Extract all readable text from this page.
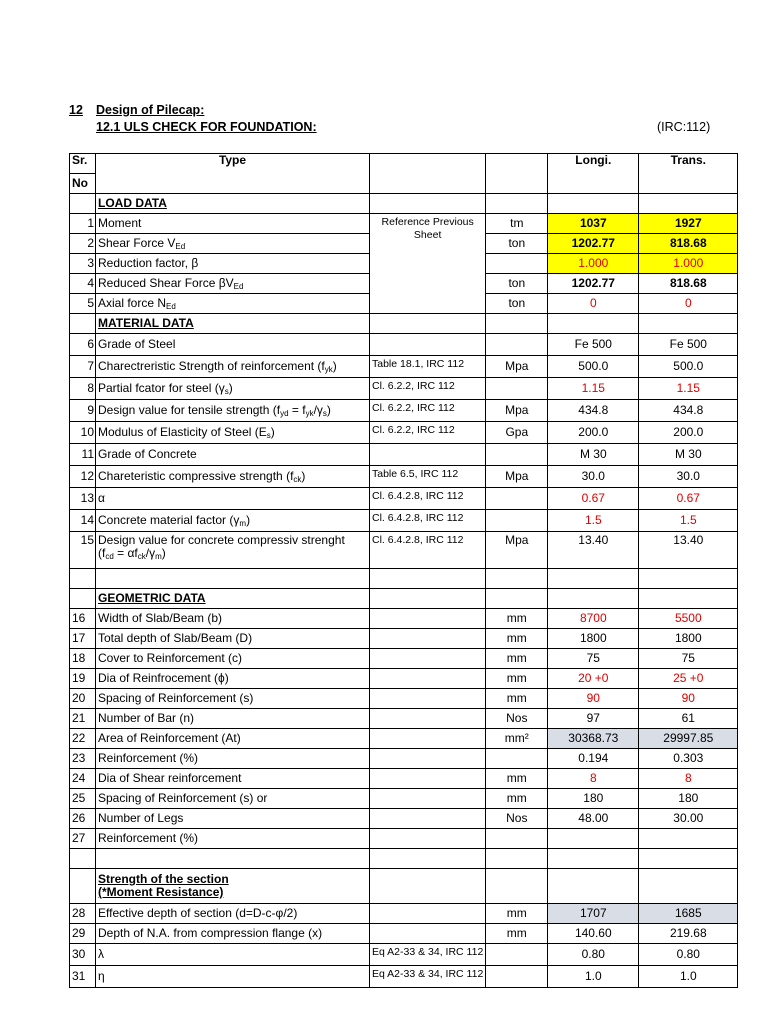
12 Design of Pilecap:
12.1 ULS CHECK FOR FOUNDATION:	(IRC:112)
Sr.	Type			Longi.	Trans.
No					
	LOAD DATA				
1	Moment	Reference Previous Sheet	tm	1037	1927
2	Shear Force $V_{Ed}$		ton	1202.77	818.68
3	Reduction factor, β			1.000	1.000
4	Reduced Shear Force $\beta V_{Ed}$		ton	1202.77	818.68
5	Axial force $N_{Ed}$		ton	0	0
	MATERIAL DATA				
6	Grade of Steel			Fe 500	Fe 500
7	Charectreristic Strength of reinforcement $(f_{yk})$	Table 18.1, IRC 112	Mpa	500.0	500.0
8	Partial fcator for steel $(\gamma_s)$	Cl. 6.2.2, IRC 112		1.15	1.15
9	Design value for tensile strength $(f_{yd} = f_{yk}/\gamma_s)$	Cl. 6.2.2, IRC 112	Mpa	434.8	434.8
10	Modulus of Elasticity of Steel $(E_s)$	Cl. 6.2.2, IRC 112	Gpa	200.0	200.0
11	Grade of Concrete			M 30	M 30
12	Chareteristic compressive strength $(f_{ck})$	Table 6.5, IRC 112	Mpa	30.0	30.0
13	α	Cl. 6.4.2.8, IRC 112		0.67	0.67
14	Concrete material factor $(\gamma_m)$	Cl. 6.4.2.8, IRC 112		1.5	1.5
15	Design value for concrete compressiv strenght
$(f_{cd} = \alpha f_{ck}/\gamma_m)$	Cl. 6.4.2.8, IRC 112	Mpa	13.40	13.40

	GEOMETRIC DATA				
16	Width of Slab/Beam (b)		mm	8700	5500
17	Total depth of Slab/Beam (D)		mm	1800	1800
18	Cover to Reinforcement (c)		mm	75	75
19	Dia of Reinfrocement (ϕ)		mm	20 +0	25 +0
20	Spacing of Reinforcement (s)		mm	90	90
21	Number of Bar (n)		Nos	97	61
22	Area of Reinforcement (At)		mm²	30368.73	29997.85
23	Reinforcement (%)			0.194	0.303
24	Dia of Shear reinforcement		mm	8	8
25	Spacing of Reinforcement (s) or		mm	180	180
26	Number of Legs		Nos	48.00	30.00
27	Reinforcement (%)				

	Strength of the section
(*Moment Resistance)				

28	Effective depth of section (d=D-c-φ/2)		mm	1707	1685
29	Depth of N.A. from compression flange (x)		mm	140.60	219.68
30	λ	Eq A2-33 & 34, IRC 112		0.80	0.80
31	η	Eq A2-33 & 34, IRC 112		1.0	1.0
